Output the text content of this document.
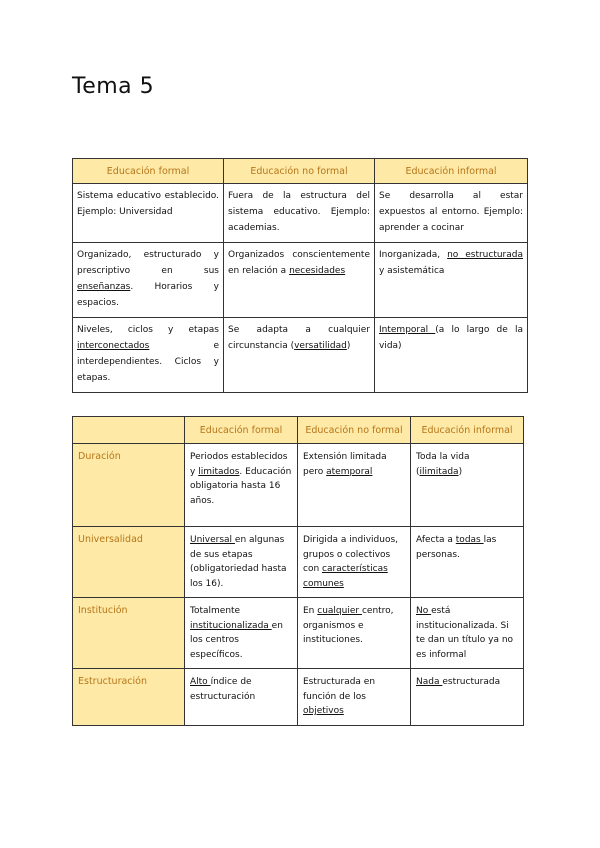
Tema 5
Educación formal	Educación no formal	Educación informal
Sistema educativo establecido. Ejemplo: Universidad	Fuera de la estructura del sistema educativo. Ejemplo: academias.	Se desarrolla al estar expuestos al entorno. Ejemplo: aprender a cocinar
Organizado, estructurado y prescriptivo en sus enseñanzas. Horarios y espacios.	Organizados conscientemente en relación a necesidades	Inorganizada, no estructurada y asistemática
Niveles, ciclos y etapas interconectados e interdependientes. Ciclos y etapas.	Se adapta a cualquier circunstancia (versatilidad)	Intemporal (a lo largo de la vida)
	Educación formal	Educación no formal	Educación informal
Duración	Periodos establecidos y limitados. Educación obligatoria hasta 16 años.	Extensión limitada pero atemporal	Toda la vida (ilimitada)
Universalidad	Universal en algunas de sus etapas (obligatoriedad hasta los 16).	Dirigida a individuos, grupos o colectivos con características comunes	Afecta a todas las personas.
Institución	Totalmente institucionalizada en los centros específicos.	En cualquier centro, organismos e instituciones.	No está institucionalizada. Si te dan un título ya no es informal
Estructuración	Alto índice de estructuración	Estructurada en función de los objetivos	Nada estructurada
